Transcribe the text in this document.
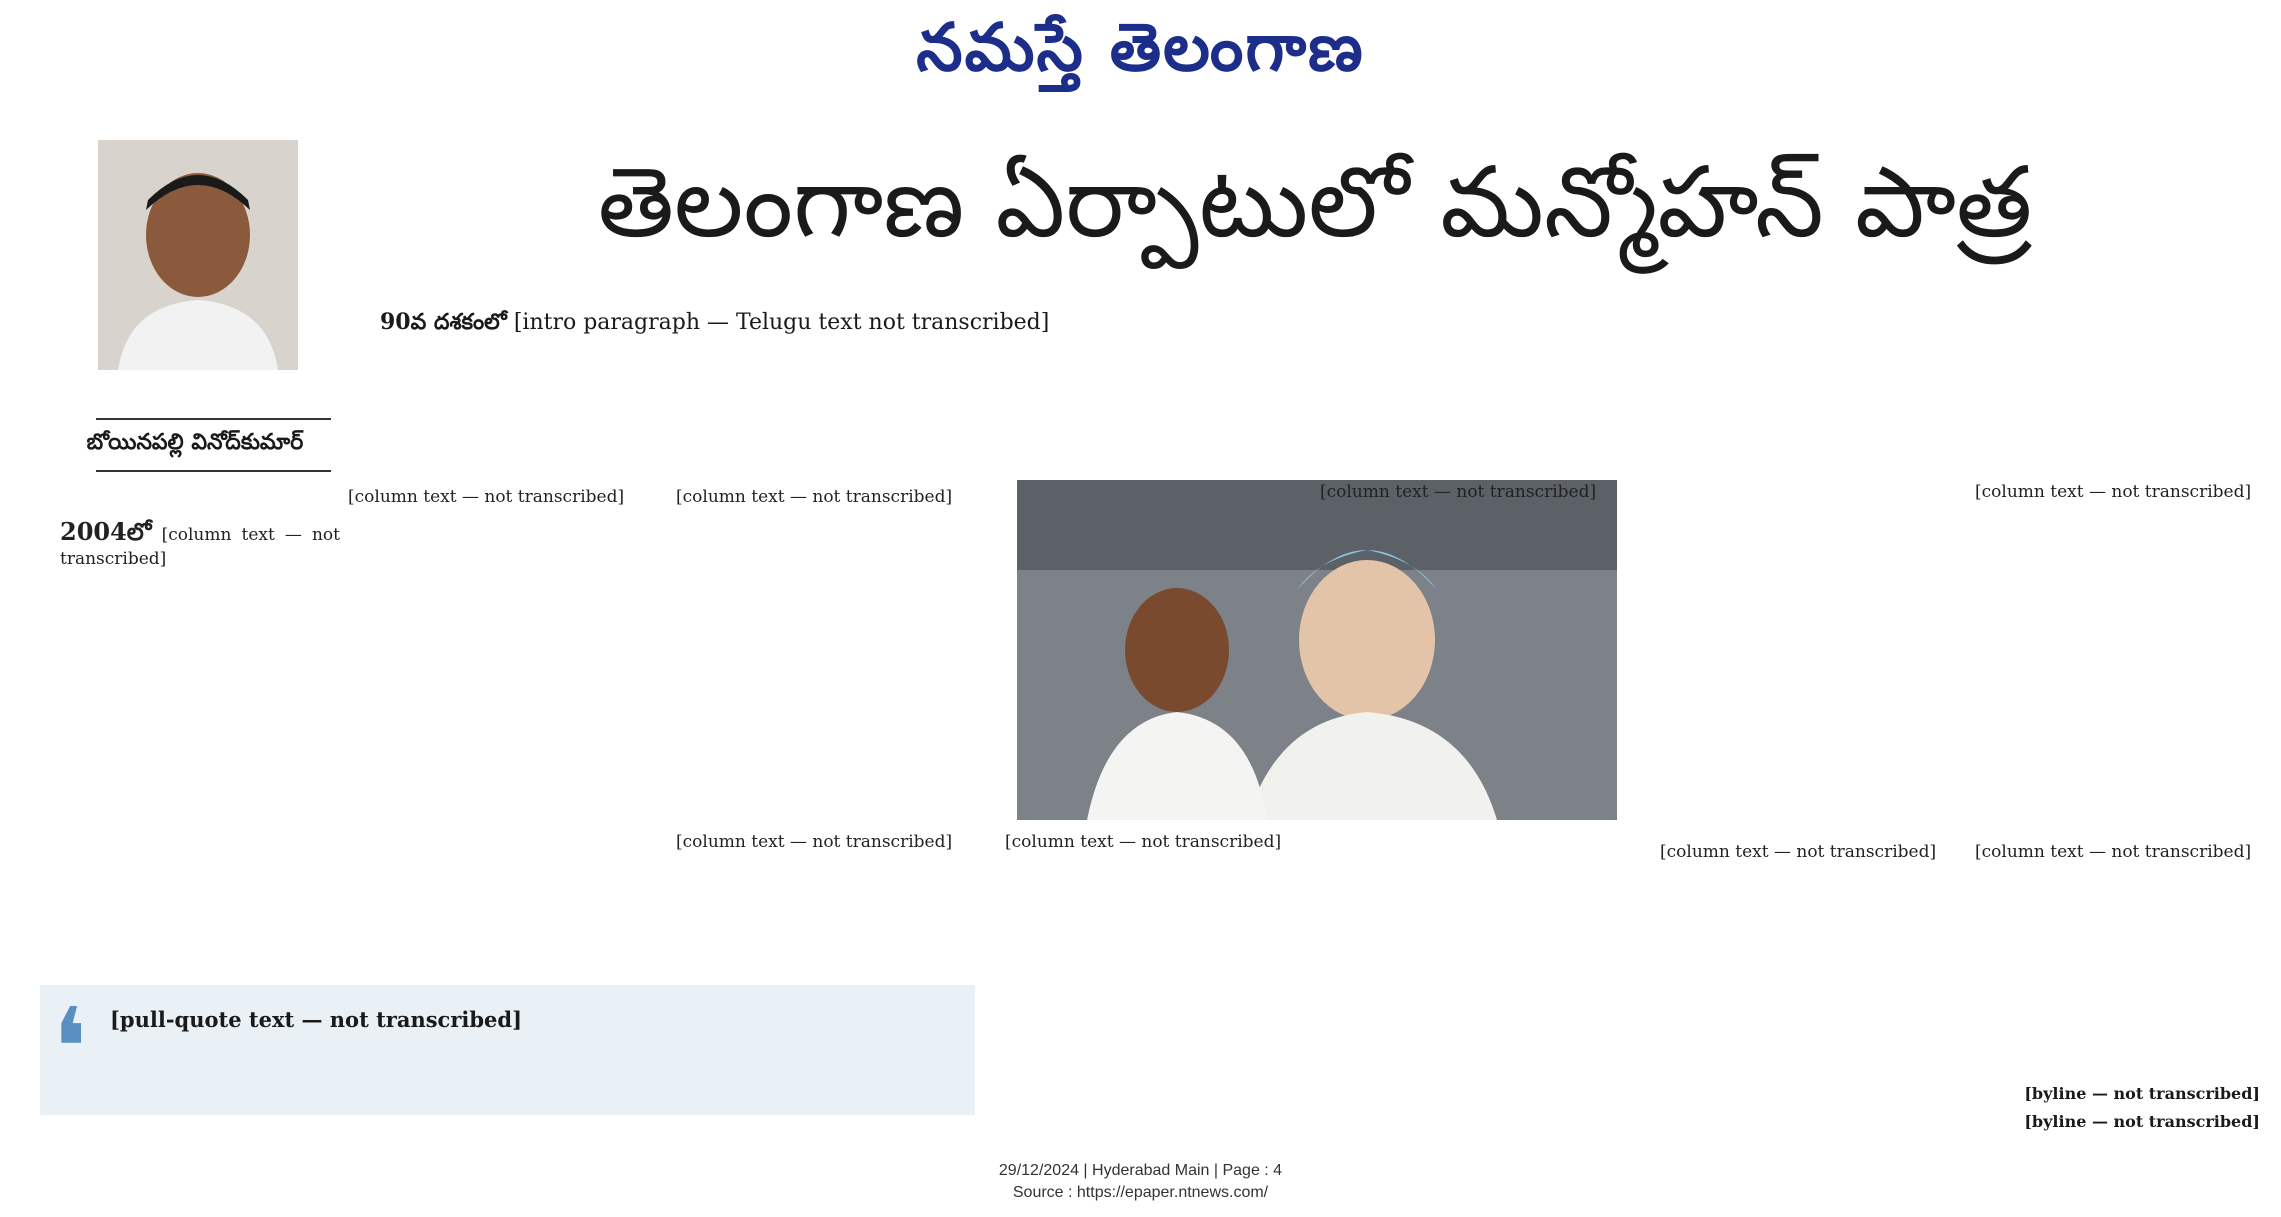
నమస్తే తెలంగాణ
బోయినపల్లి వినోద్‌కుమార్
తెలంగాణ ఏర్పాటులో మన్మోహన్ పాత్ర
90వ దశకంలో [intro paragraph — Telugu text not transcribed]

2004లో [column text — not transcribed]

[column text — not transcribed]	[column text — not transcribed]

[column text — not transcribed]	[column text — not transcribed]

[column text — not transcribed]

[column text — not transcribed]

[column text — not transcribed]

[column text — not transcribed]

❛ [pull-quote text — not transcribed]
[byline — not transcribed]
[byline — not transcribed]
29/12/2024 | Hyderabad Main | Page : 4
Source : https://epaper.ntnews.com/
